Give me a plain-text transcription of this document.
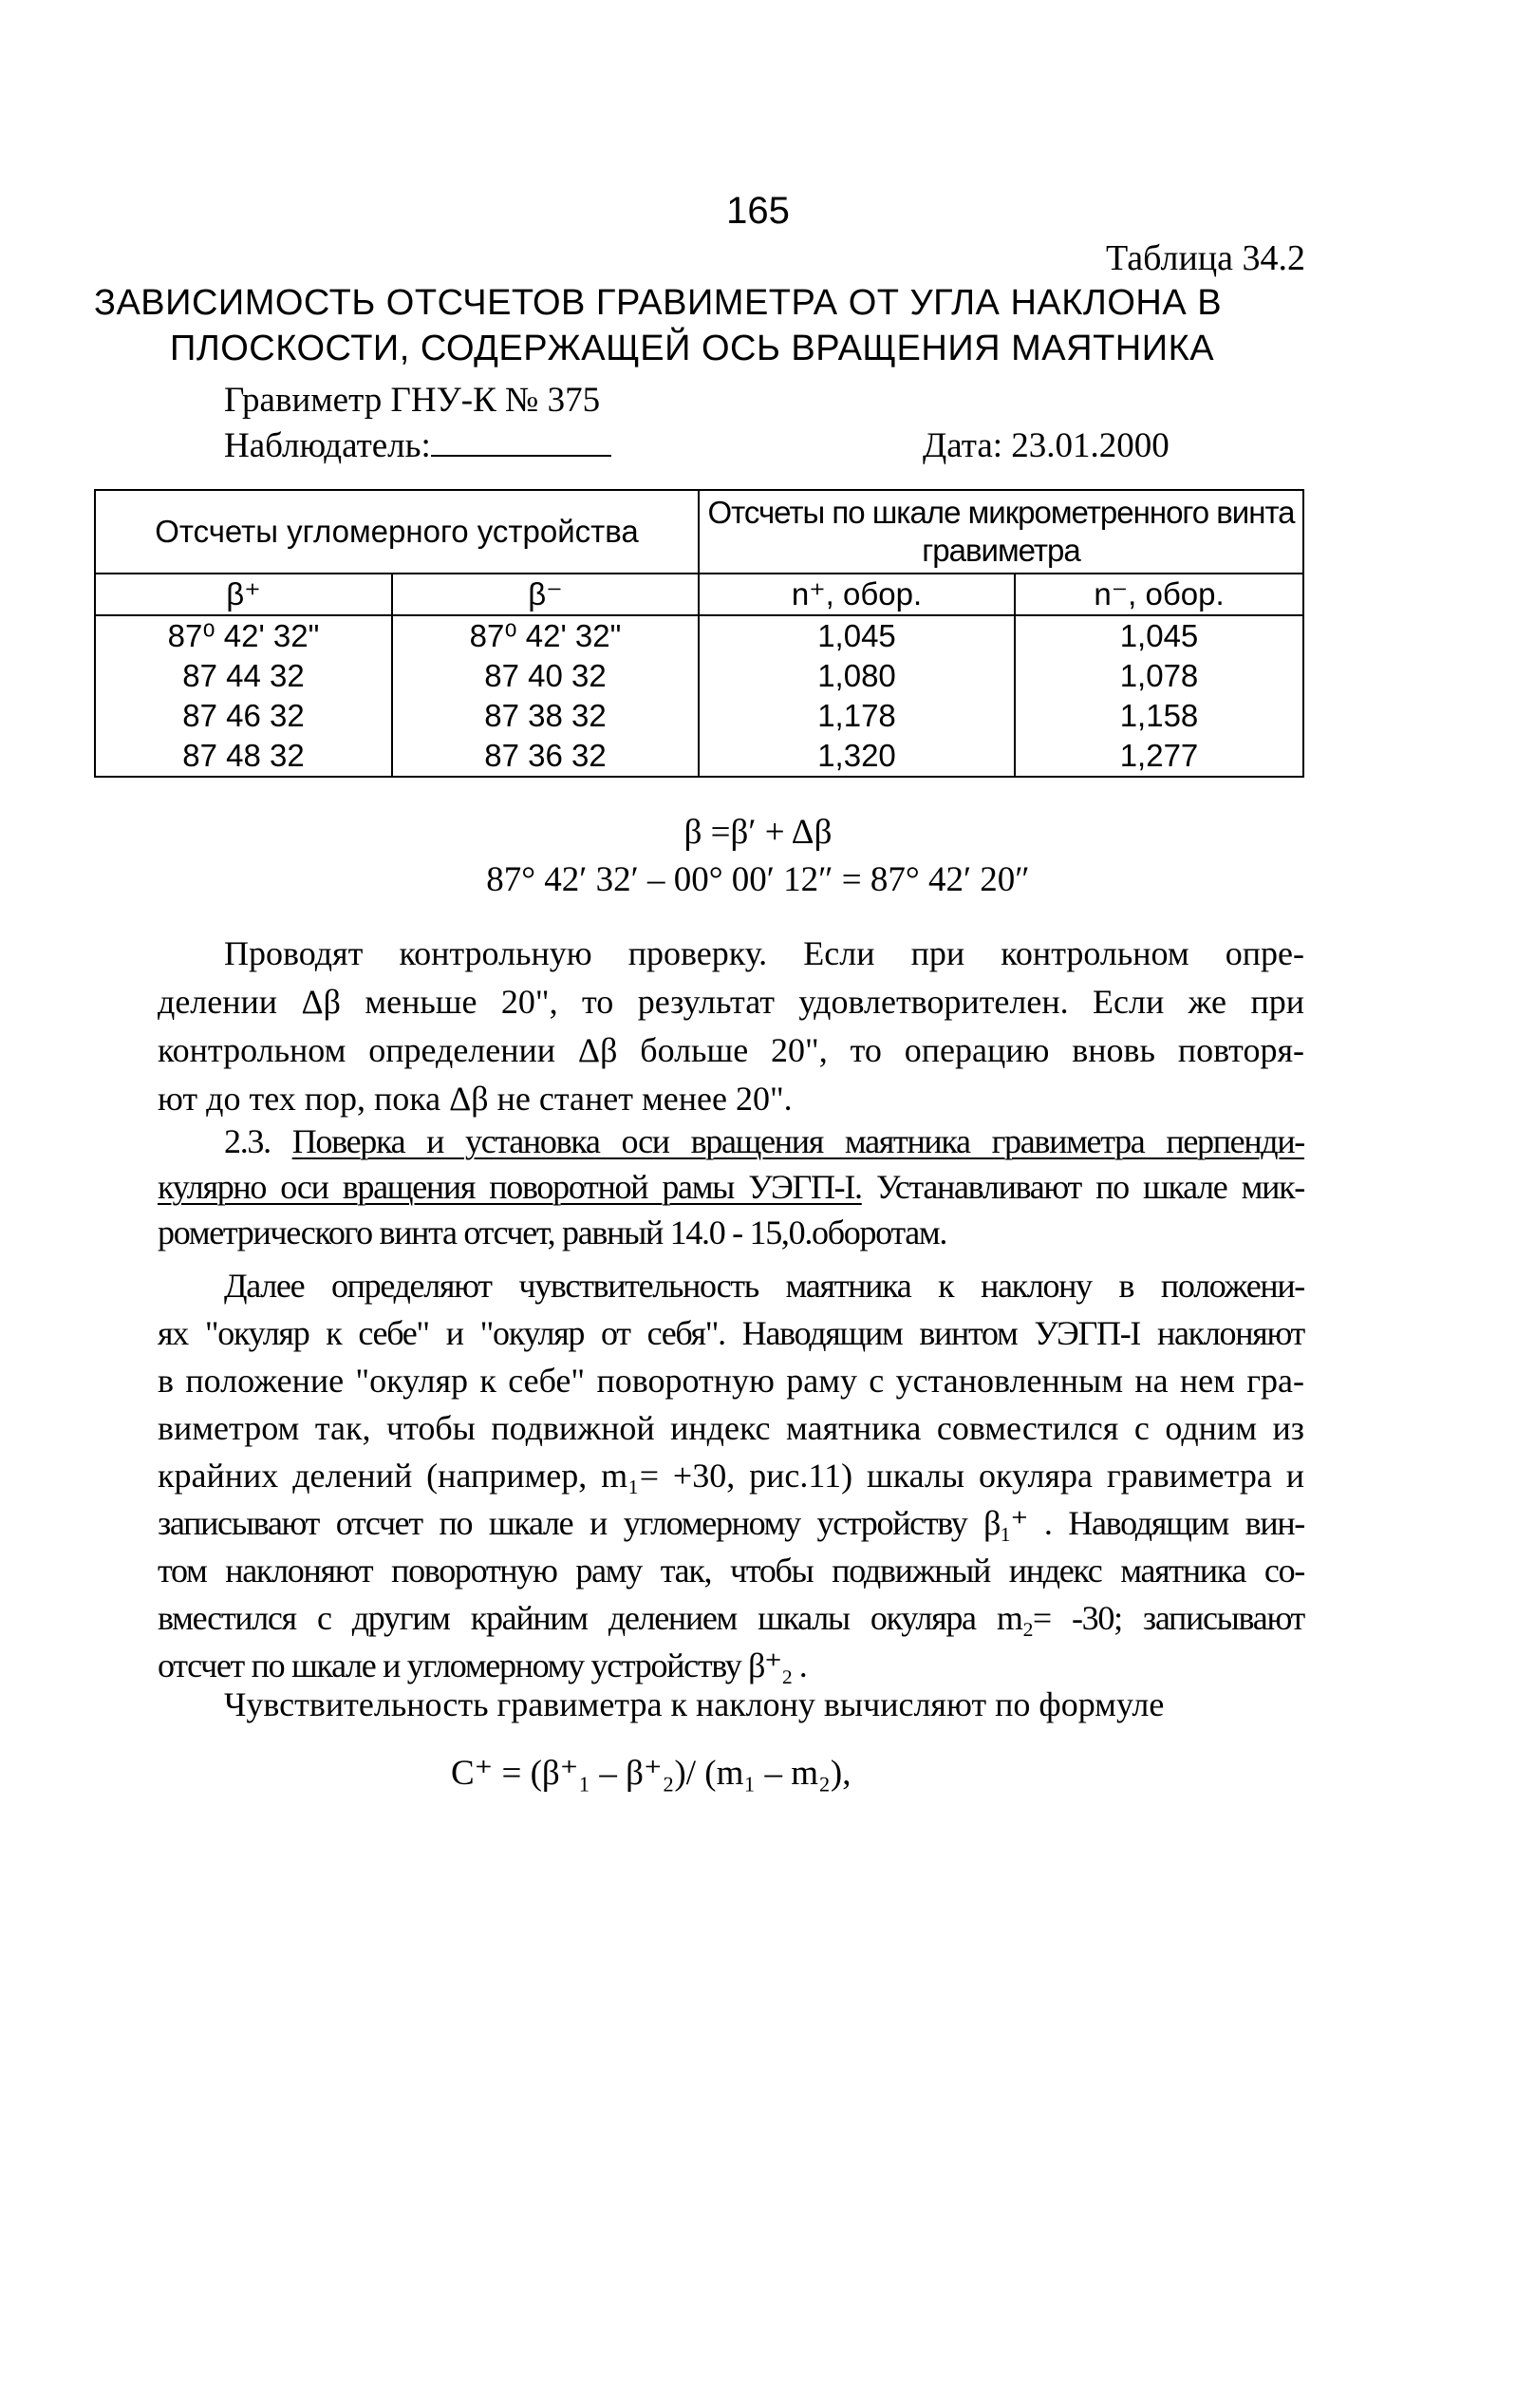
165
Таблица 34.2
ЗАВИСИМОСТЬ ОТСЧЕТОВ ГРАВИМЕТРА ОТ УГЛА НАКЛОНА В
ПЛОСКОСТИ, СОДЕРЖАЩЕЙ ОСЬ ВРАЩЕНИЯ МАЯТНИКА
Гравиметр ГНУ-К № 375
Наблюдатель:	Дата: 23.01.2000
Отсчеты угломерного устройства		Отсчеты по шкале микрометренного винта гравиметра	
β⁺	β⁻	n⁺, обор.	n⁻, обор.
87⁰ 42' 32"	87⁰ 42' 32"	1,045	1,045
87 44 32	87 40 32	1,080	1,078
87 46 32	87 38 32	1,178	1,158
87 48 32	87 36 32	1,320	1,277
β =β′ + Δβ
87° 42′ 32′ – 00° 00′ 12″ = 87° 42′ 20″
Проводят контрольную проверку. Если при контрольном опре-
делении Δβ меньше 20", то результат удовлетворителен. Если же при
контрольном определении Δβ больше 20", то операцию вновь повторя-
ют до тех пор, пока Δβ не станет менее 20".
2.3. Поверка и установка оси вращения маятника гравиметра перпенди-
кулярно оси вращения поворотной рамы УЭГП-I. Устанавливают по шкале мик-
рометрического винта отсчет, равный 14.0 - 15,0.оборотам.
Далее определяют чувствительность маятника к наклону в положени-
ях "окуляр к себе" и "окуляр от себя". Наводящим винтом УЭГП-I наклоняют
в положение "окуляр к себе" поворотную раму с установленным на нем гра-
виметром так, чтобы подвижной индекс маятника совместился с одним из
крайних делений (например, m₁= +30, рис.11) шкалы окуляра гравиметра и
записывают отсчет по шкале и угломерному устройству β₁⁺ . Наводящим вин-
том наклоняют поворотную раму так, чтобы подвижный индекс маятника со-
вместился с другим крайним делением шкалы окуляра m₂= -30; записывают
отсчет по шкале и угломерному устройству β⁺₂ .
Чувствительность гравиметра к наклону вычисляют по формуле
C⁺ = (β⁺₁ – β⁺₂)/ (m₁ – m₂),
